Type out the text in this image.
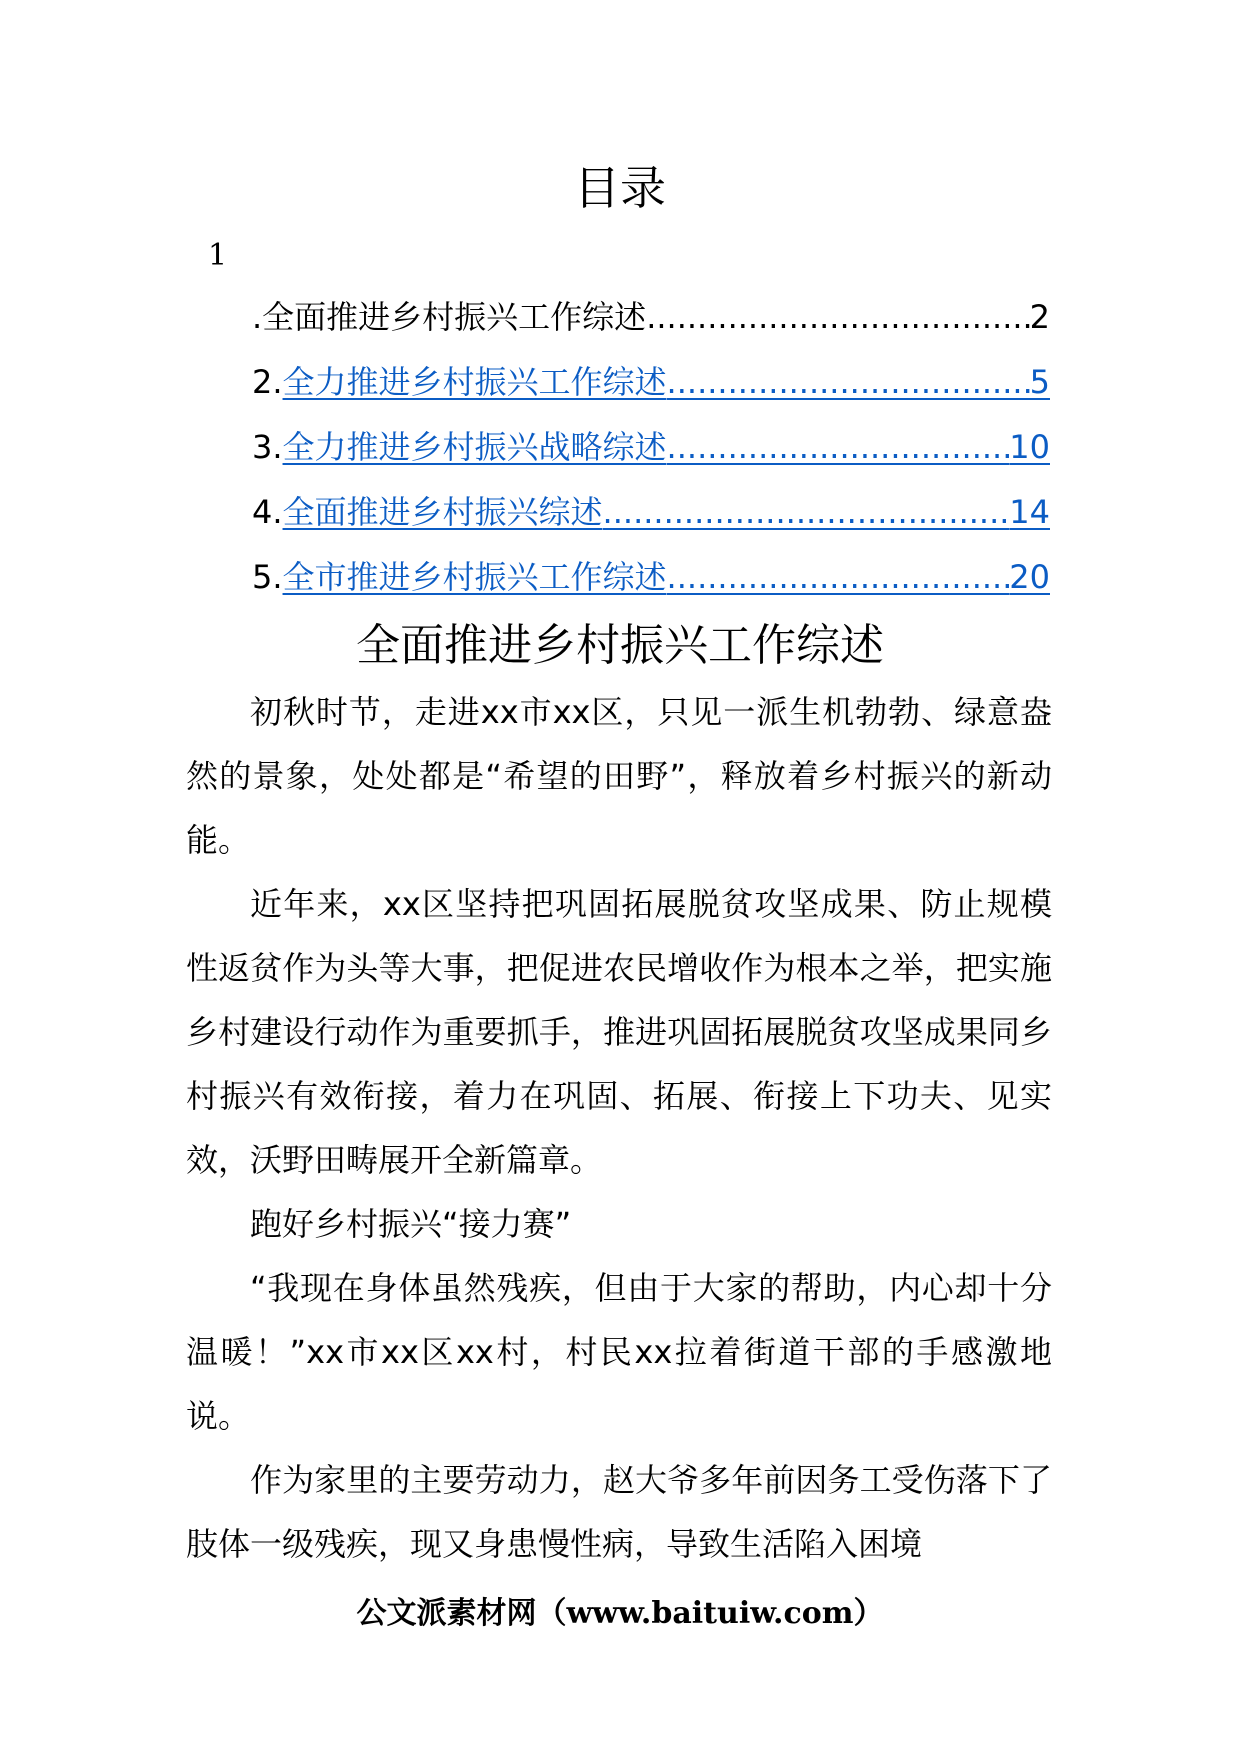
目录
1
.全面推进乡村振兴工作综述 .....	2
2. 全力推进乡村振兴工作综述 .....	5
3. 全力推进乡村振兴战略综述 .....	10
4. 全面推进乡村振兴综述 .....	14
5. 全市推进乡村振兴工作综述 .....	20
全面推进乡村振兴工作综述

初秋时节，走进xx市xx区，只见一派生机勃勃、绿意盎然的景象，处处都是“希望的田野”，释放着乡村振兴的新动能。

近年来，xx区坚持把巩固拓展脱贫攻坚成果、防止规模性返贫作为头等大事，把促进农民增收作为根本之举，把实施乡村建设行动作为重要抓手，推进巩固拓展脱贫攻坚成果同乡村振兴有效衔接，着力在巩固、拓展、衔接上下功夫、见实效，沃野田畴展开全新篇章。

跑好乡村振兴“接力赛”

“我现在身体虽然残疾，但由于大家的帮助，内心却十分温暖！”xx市xx区xx村，村民xx拉着街道干部的手感激地说。

作为家里的主要劳动力，赵大爷多年前因务工受伤落下了肢体一级残疾，现又身患慢性病，导致生活陷入困境

公文派素材网（www.baituiw.com）
